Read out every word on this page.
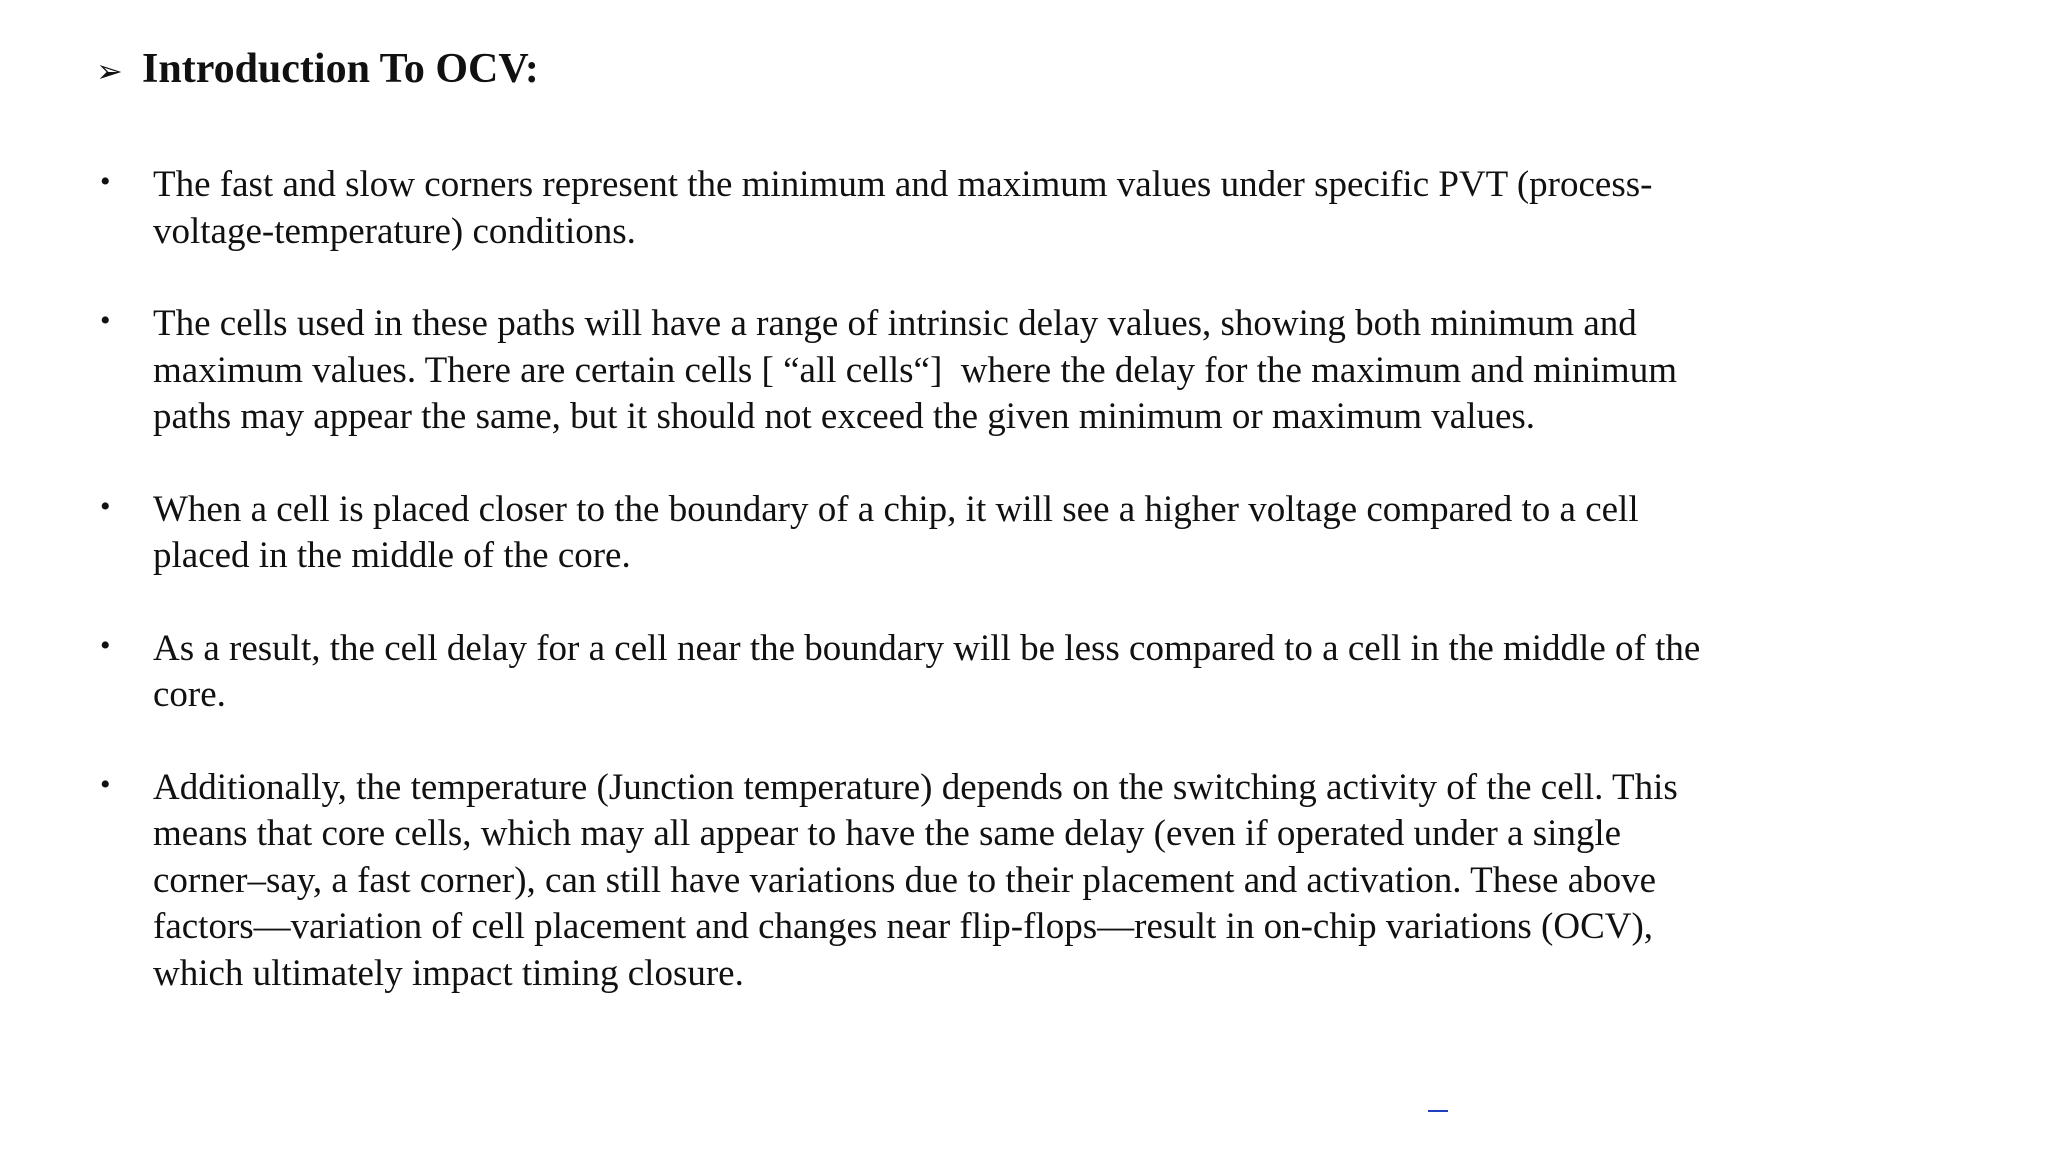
➢ Introduction To OCV:
• The fast and slow corners represent the minimum and maximum values under specific PVT (process-
voltage-temperature) conditions.
• The cells used in these paths will have a range of intrinsic delay values, showing both minimum and
maximum values. There are certain cells [ “all cells“]  where the delay for the maximum and minimum
paths may appear the same, but it should not exceed the given minimum or maximum values.
• When a cell is placed closer to the boundary of a chip, it will see a higher voltage compared to a cell
placed in the middle of the core.
• As a result, the cell delay for a cell near the boundary will be less compared to a cell in the middle of the
core.
• Additionally, the temperature (Junction temperature) depends on the switching activity of the cell. This
means that core cells, which may all appear to have the same delay (even if operated under a single
corner–say, a fast corner), can still have variations due to their placement and activation. These above
factors—variation of cell placement and changes near flip-flops—result in on-chip variations (OCV),
which ultimately impact timing closure.
